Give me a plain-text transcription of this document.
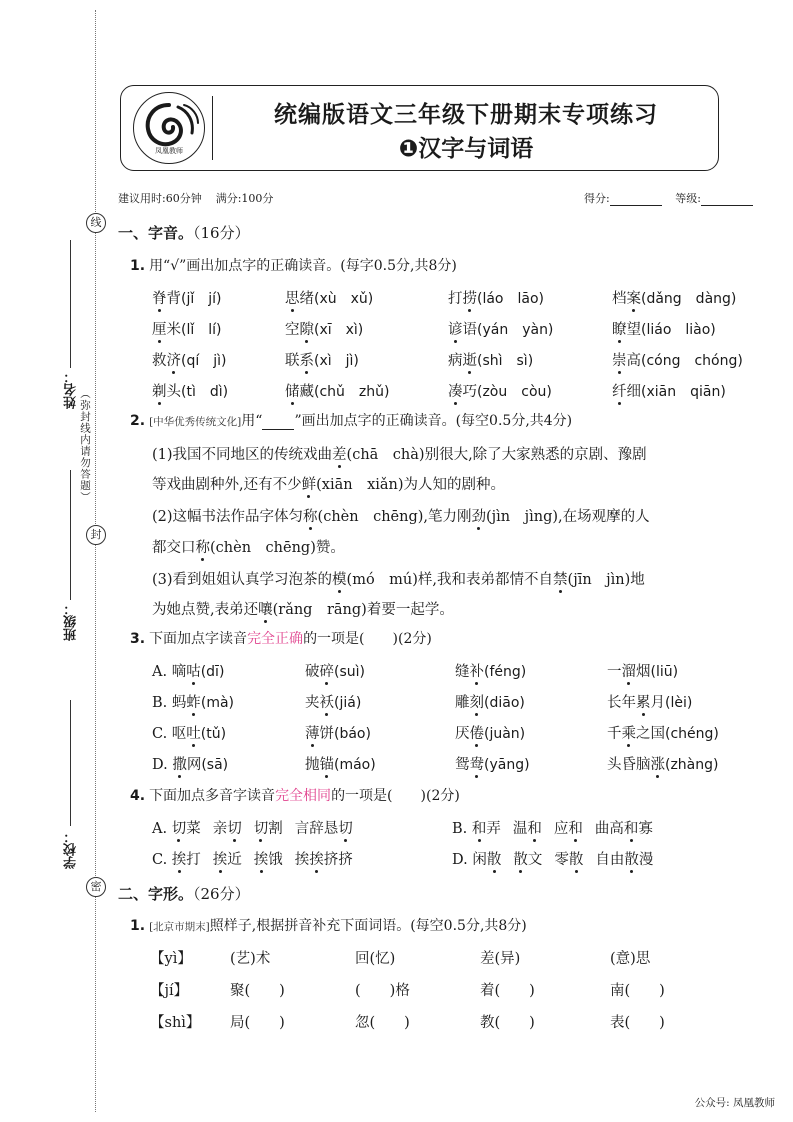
线
封
密
姓名： （弥封线内请勿答题）
班级：
学校：
凤凰教师
统编版语文三年级下册期末专项练习
❶汉字与词语
建议用时:60分钟 满分:100分	得分:	等级:
一、字音。（16分）
1. 用“√”画出加点字的正确读音。(每字0.5分,共8分)
脊背(jǐ　jí)	思绪(xù　xǔ)	打捞(láo　lāo)	档案(dǎng　dàng)
厘米(lǐ　lí)	空隙(xī　xì)	谚语(yán　yàn)	瞭望(liáo　liào)
救济(qí　jì)	联系(xì　jì)	病逝(shì　sì)	崇高(cóng　chóng)
剃头(tì　dì)	储藏(chǔ　zhǔ)	凑巧(zòu　còu)	纤细(xiān　qiān)
2. [中华优秀传统文化]用“ ”画出加点字的正确读音。(每空0.5分,共4分)
(1)我国不同地区的传统戏曲差(chā　chà)别很大,除了大家熟悉的京剧、豫剧
等戏曲剧种外,还有不少鲜(xiān　xiǎn)为人知的剧种。
(2)这幅书法作品字体匀称(chèn　chēng),笔力刚劲(jìn　jìng),在场观摩的人
都交口称(chèn　chēng)赞。
(3)看到姐姐认真学习泡茶的模(mó　mú)样,我和表弟都情不自禁(jīn　jìn)地
为她点赞,表弟还嚷(rǎng　rāng)着要一起学。
3. 下面加点字读音完全正确的一项是(　　)(2分)
A. 嘀咕(dī)	破碎(suì)	缝补(féng)	一溜烟(liū)
B. 蚂蚱(mà)	夹袄(jiá)	雕刻(diāo)	长年累月(lèi)
C. 呕吐(tǔ)	薄饼(báo)	厌倦(juàn)	千乘之国(chéng)
D. 撒网(sā)	抛锚(máo)	鸳鸯(yāng)	头昏脑涨(zhàng)
4. 下面加点多音字读音完全相同的一项是(　　)(2分)
A. 切菜 亲切 切割 言辞恳切	B. 和弄 温和 应和 曲高和寡
C. 挨打 挨近 挨饿 挨挨挤挤	D. 闲散 散文 零散 自由散漫
二、字形。（26分）
1. [北京市期末]照样子,根据拼音补充下面词语。(每空0.5分,共8分)
【yì】	(艺)术	回(忆)	差(异)	(意)思
【jí】	聚(　　)	(　　)格	着(　　)	南(　　)
【shì】 局(　　)	忽(　　)	教(　　)	表(　　)
公众号: 凤凰教师
